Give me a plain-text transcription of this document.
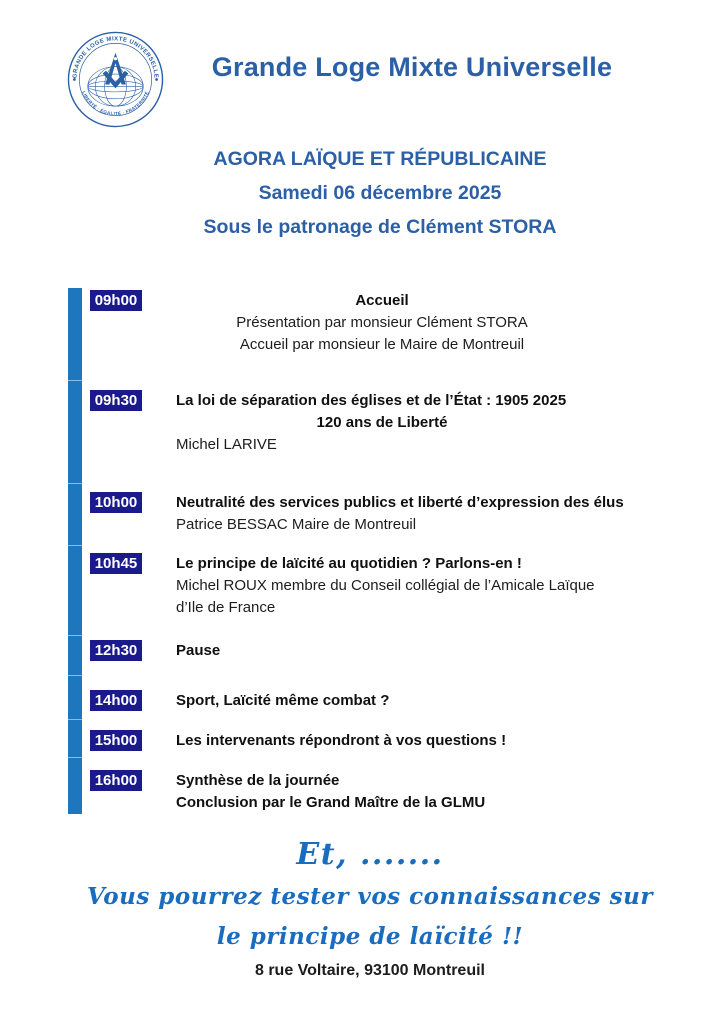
GRANDE LOGE MIXTE UNIVERSELLE
LIBERTÉ · ÉGALITÉ · FRATERNITÉ
Grande Loge Mixte Universelle
AGORA LAÏQUE ET RÉPUBLICAINE
Samedi 06 décembre 2025
Sous le patronage de Clément STORA
09h00	Accueil
Présentation par monsieur Clément STORA
Accueil par monsieur le Maire de Montreuil
09h30	La loi de séparation des églises et de l’État : 1905 2025
120 ans de Liberté
Michel LARIVE
10h00	Neutralité des services publics et liberté d’expression des élus
Patrice BESSAC Maire de Montreuil
10h45	Le principe de laïcité au quotidien ? Parlons-en !
Michel ROUX membre du Conseil collégial de l’Amicale Laïque d’Ile de France
12h30	Pause
14h00	Sport, Laïcité même combat ?
15h00	Les intervenants répondront à vos questions !
16h00	Synthèse de la journée
Conclusion par le Grand Maître de la GLMU
Et, .......
Vous pourrez tester vos connaissances sur
le principe de laïcité !!
8 rue Voltaire, 93100 Montreuil
